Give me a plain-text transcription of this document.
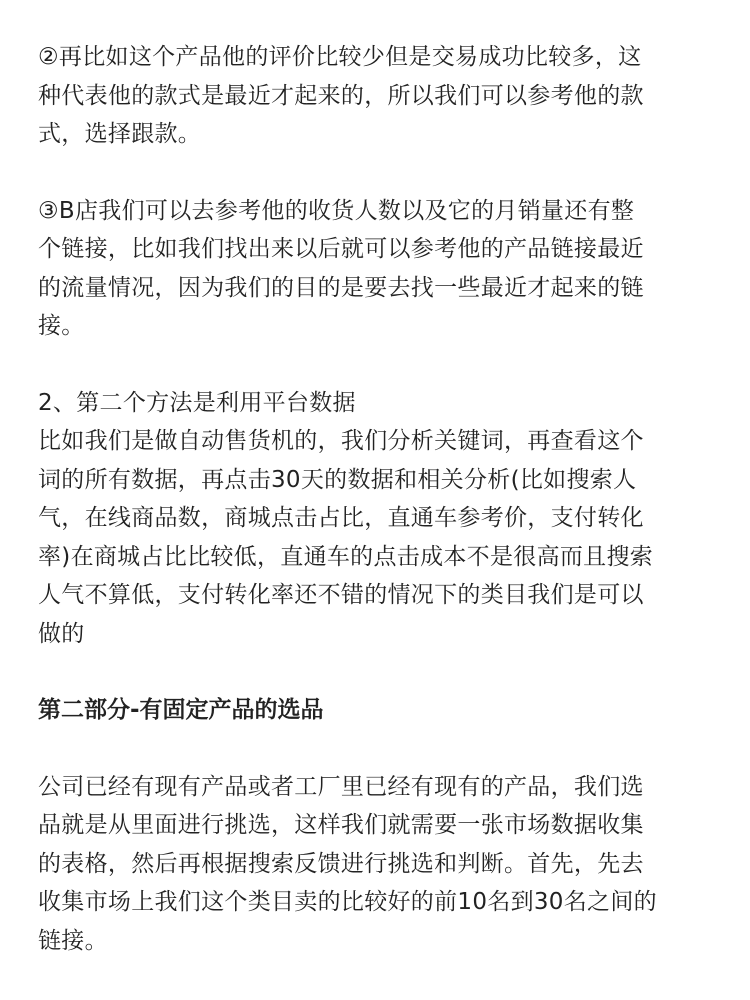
②再比如这个产品他的评价比较少但是交易成功比较多，这
种代表他的款式是最近才起来的，所以我们可以参考他的款
式，选择跟款。

③B店我们可以去参考他的收货人数以及它的月销量还有整
个链接，比如我们找出来以后就可以参考他的产品链接最近
的流量情况，因为我们的目的是要去找一些最近才起来的链
接。

2、第二个方法是利用平台数据
比如我们是做自动售货机的，我们分析关键词，再查看这个
词的所有数据，再点击30天的数据和相关分析(比如搜索人
气，在线商品数，商城点击占比，直通车参考价，支付转化
率)在商城占比比较低，直通车的点击成本不是很高而且搜索
人气不算低，支付转化率还不错的情况下的类目我们是可以
做的

第二部分-有固定产品的选品

公司已经有现有产品或者工厂里已经有现有的产品，我们选
品就是从里面进行挑选，这样我们就需要一张市场数据收集
的表格，然后再根据搜索反馈进行挑选和判断。首先，先去
收集市场上我们这个类目卖的比较好的前10名到30名之间的
链接。
